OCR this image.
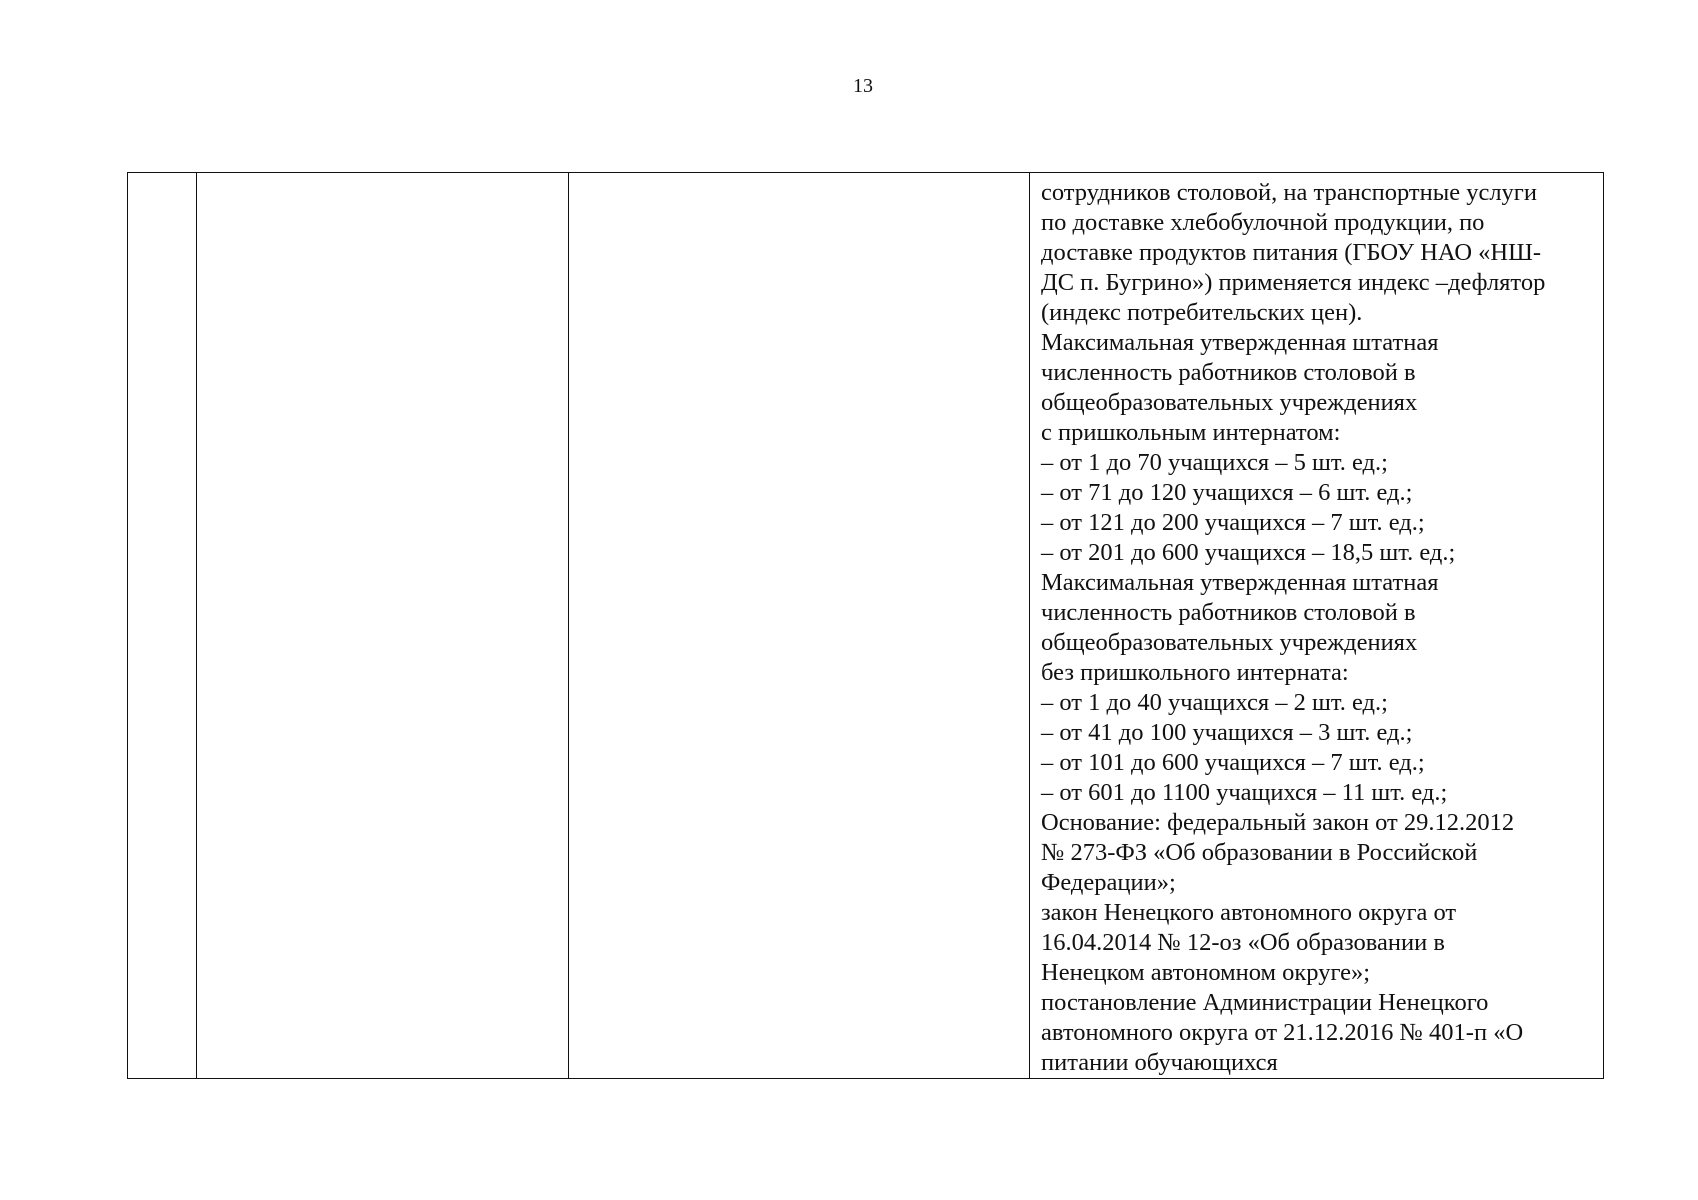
13

сотрудников столовой, на транспортные услуги
по доставке хлебобулочной продукции, по
доставке продуктов питания (ГБОУ НАО «НШ-
ДС п. Бугрино») применяется индекс –дефлятор
(индекс потребительских цен).
Максимальная утвержденная штатная
численность работников столовой в
общеобразовательных учреждениях
с пришкольным интернатом:
– от 1 до 70 учащихся – 5 шт. ед.;
– от 71 до 120 учащихся – 6 шт. ед.;
– от 121 до 200 учащихся – 7 шт. ед.;
– от 201 до 600 учащихся – 18,5 шт. ед.;
Максимальная утвержденная штатная
численность работников столовой в
общеобразовательных учреждениях
без пришкольного интерната:
– от 1 до 40 учащихся – 2 шт. ед.;
– от 41 до 100 учащихся – 3 шт. ед.;
– от 101 до 600 учащихся – 7 шт. ед.;
– от 601 до 1100 учащихся – 11 шт. ед.;
Основание: федеральный закон от 29.12.2012
№ 273-ФЗ «Об образовании в Российской
Федерации»;
закон Ненецкого автономного округа от
16.04.2014 № 12-оз «Об образовании в
Ненецком автономном округе»;
постановление Администрации Ненецкого
автономного округа от 21.12.2016 № 401-п «О
питании обучающихся
